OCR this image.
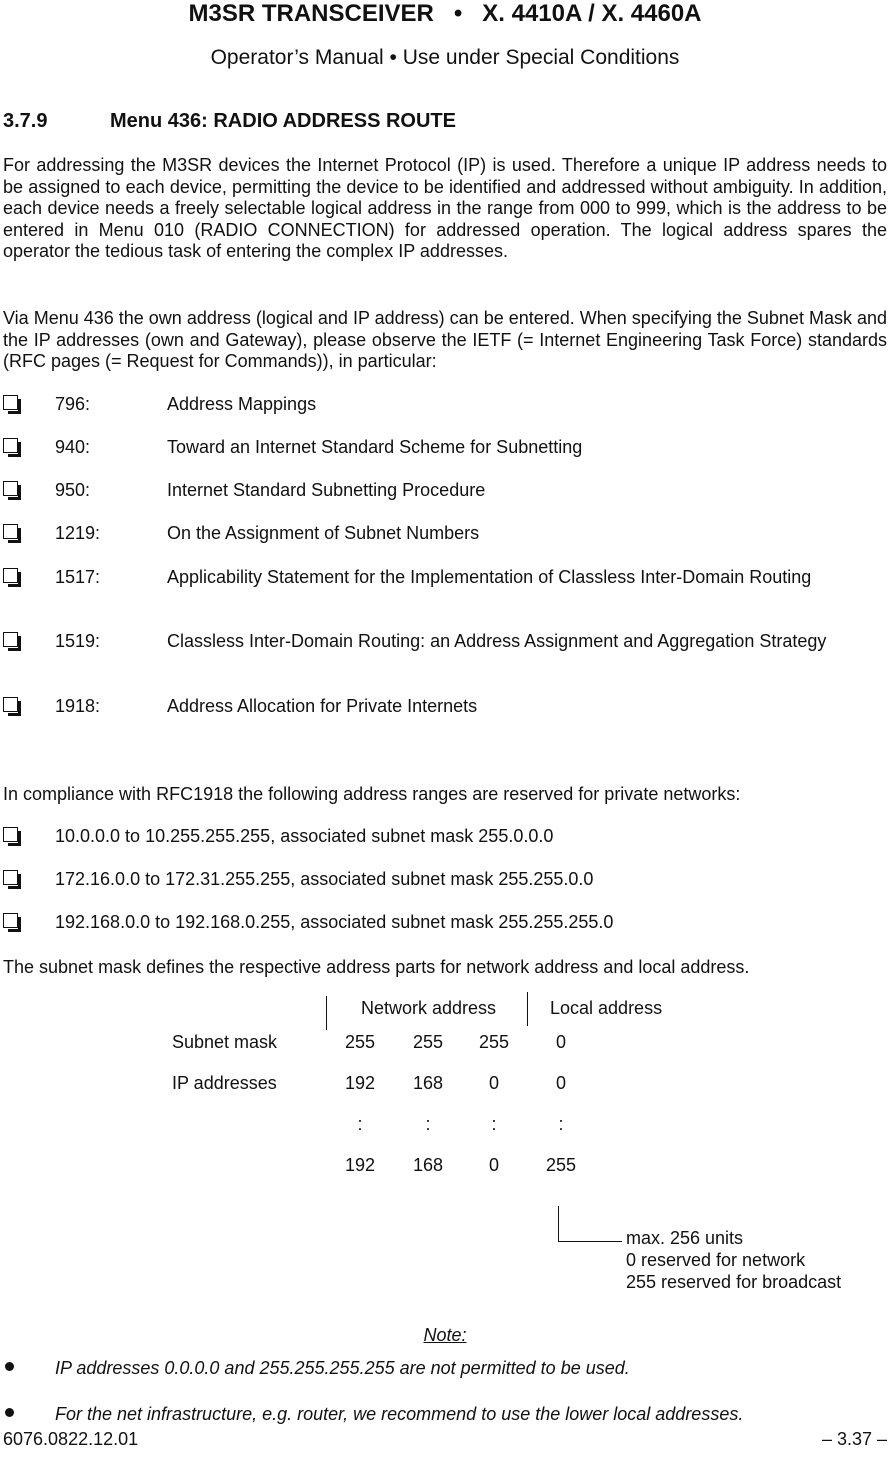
M3SR TRANSCEIVER   •   X. 4410A / X. 4460A
Operator’s Manual • Use under Special Conditions
3.7.9	Menu 436: RADIO ADDRESS ROUTE
For addressing the M3SR devices the Internet Protocol (IP) is used. Therefore a unique IP address needs to be assigned to each device, permitting the device to be identified and addressed without ambiguity. In addition, each device needs a freely selectable logical address in the range from 000 to 999, which is the address to be entered in Menu 010 (RADIO CONNECTION) for addressed operation. The logical address spares the operator the tedious task of entering the complex IP addresses.
Via Menu 436 the own address (logical and IP address) can be entered. When specifying the Subnet Mask and the IP addresses (own and Gateway), please observe the IETF (= Internet Engineering Task Force) standards (RFC pages (= Request for Commands)), in particular:
796:	Address Mappings
940:	Toward an Internet Standard Scheme for Subnetting
950:	Internet Standard Subnetting Procedure
1219:	On the Assignment of Subnet Numbers
1517:	Applicability Statement for the Implementation of Classless Inter-Domain Routing
1519:	Classless Inter-Domain Routing: an Address Assignment and Aggregation Strategy
1918:	Address Allocation for Private Internets
In compliance with RFC1918 the following address ranges are reserved for private networks:
10.0.0.0 to 10.255.255.255, associated subnet mask 255.0.0.0
172.16.0.0 to 172.31.255.255, associated subnet mask 255.255.0.0
192.168.0.0 to 192.168.0.255, associated subnet mask 255.255.255.0
The subnet mask defines the respective address parts for network address and local address.
Network address	Local address
Subnet mask	255	255	255	0
IP addresses	192	168	0	0
:	:	:	:
192	168	0	255
max. 256 units
0 reserved for network
255 reserved for broadcast
Note:
IP addresses 0.0.0.0 and 255.255.255.255 are not permitted to be used.
For the net infrastructure, e.g. router, we recommend to use the lower local addresses.
6076.0822.12.01	– 3.37 –
